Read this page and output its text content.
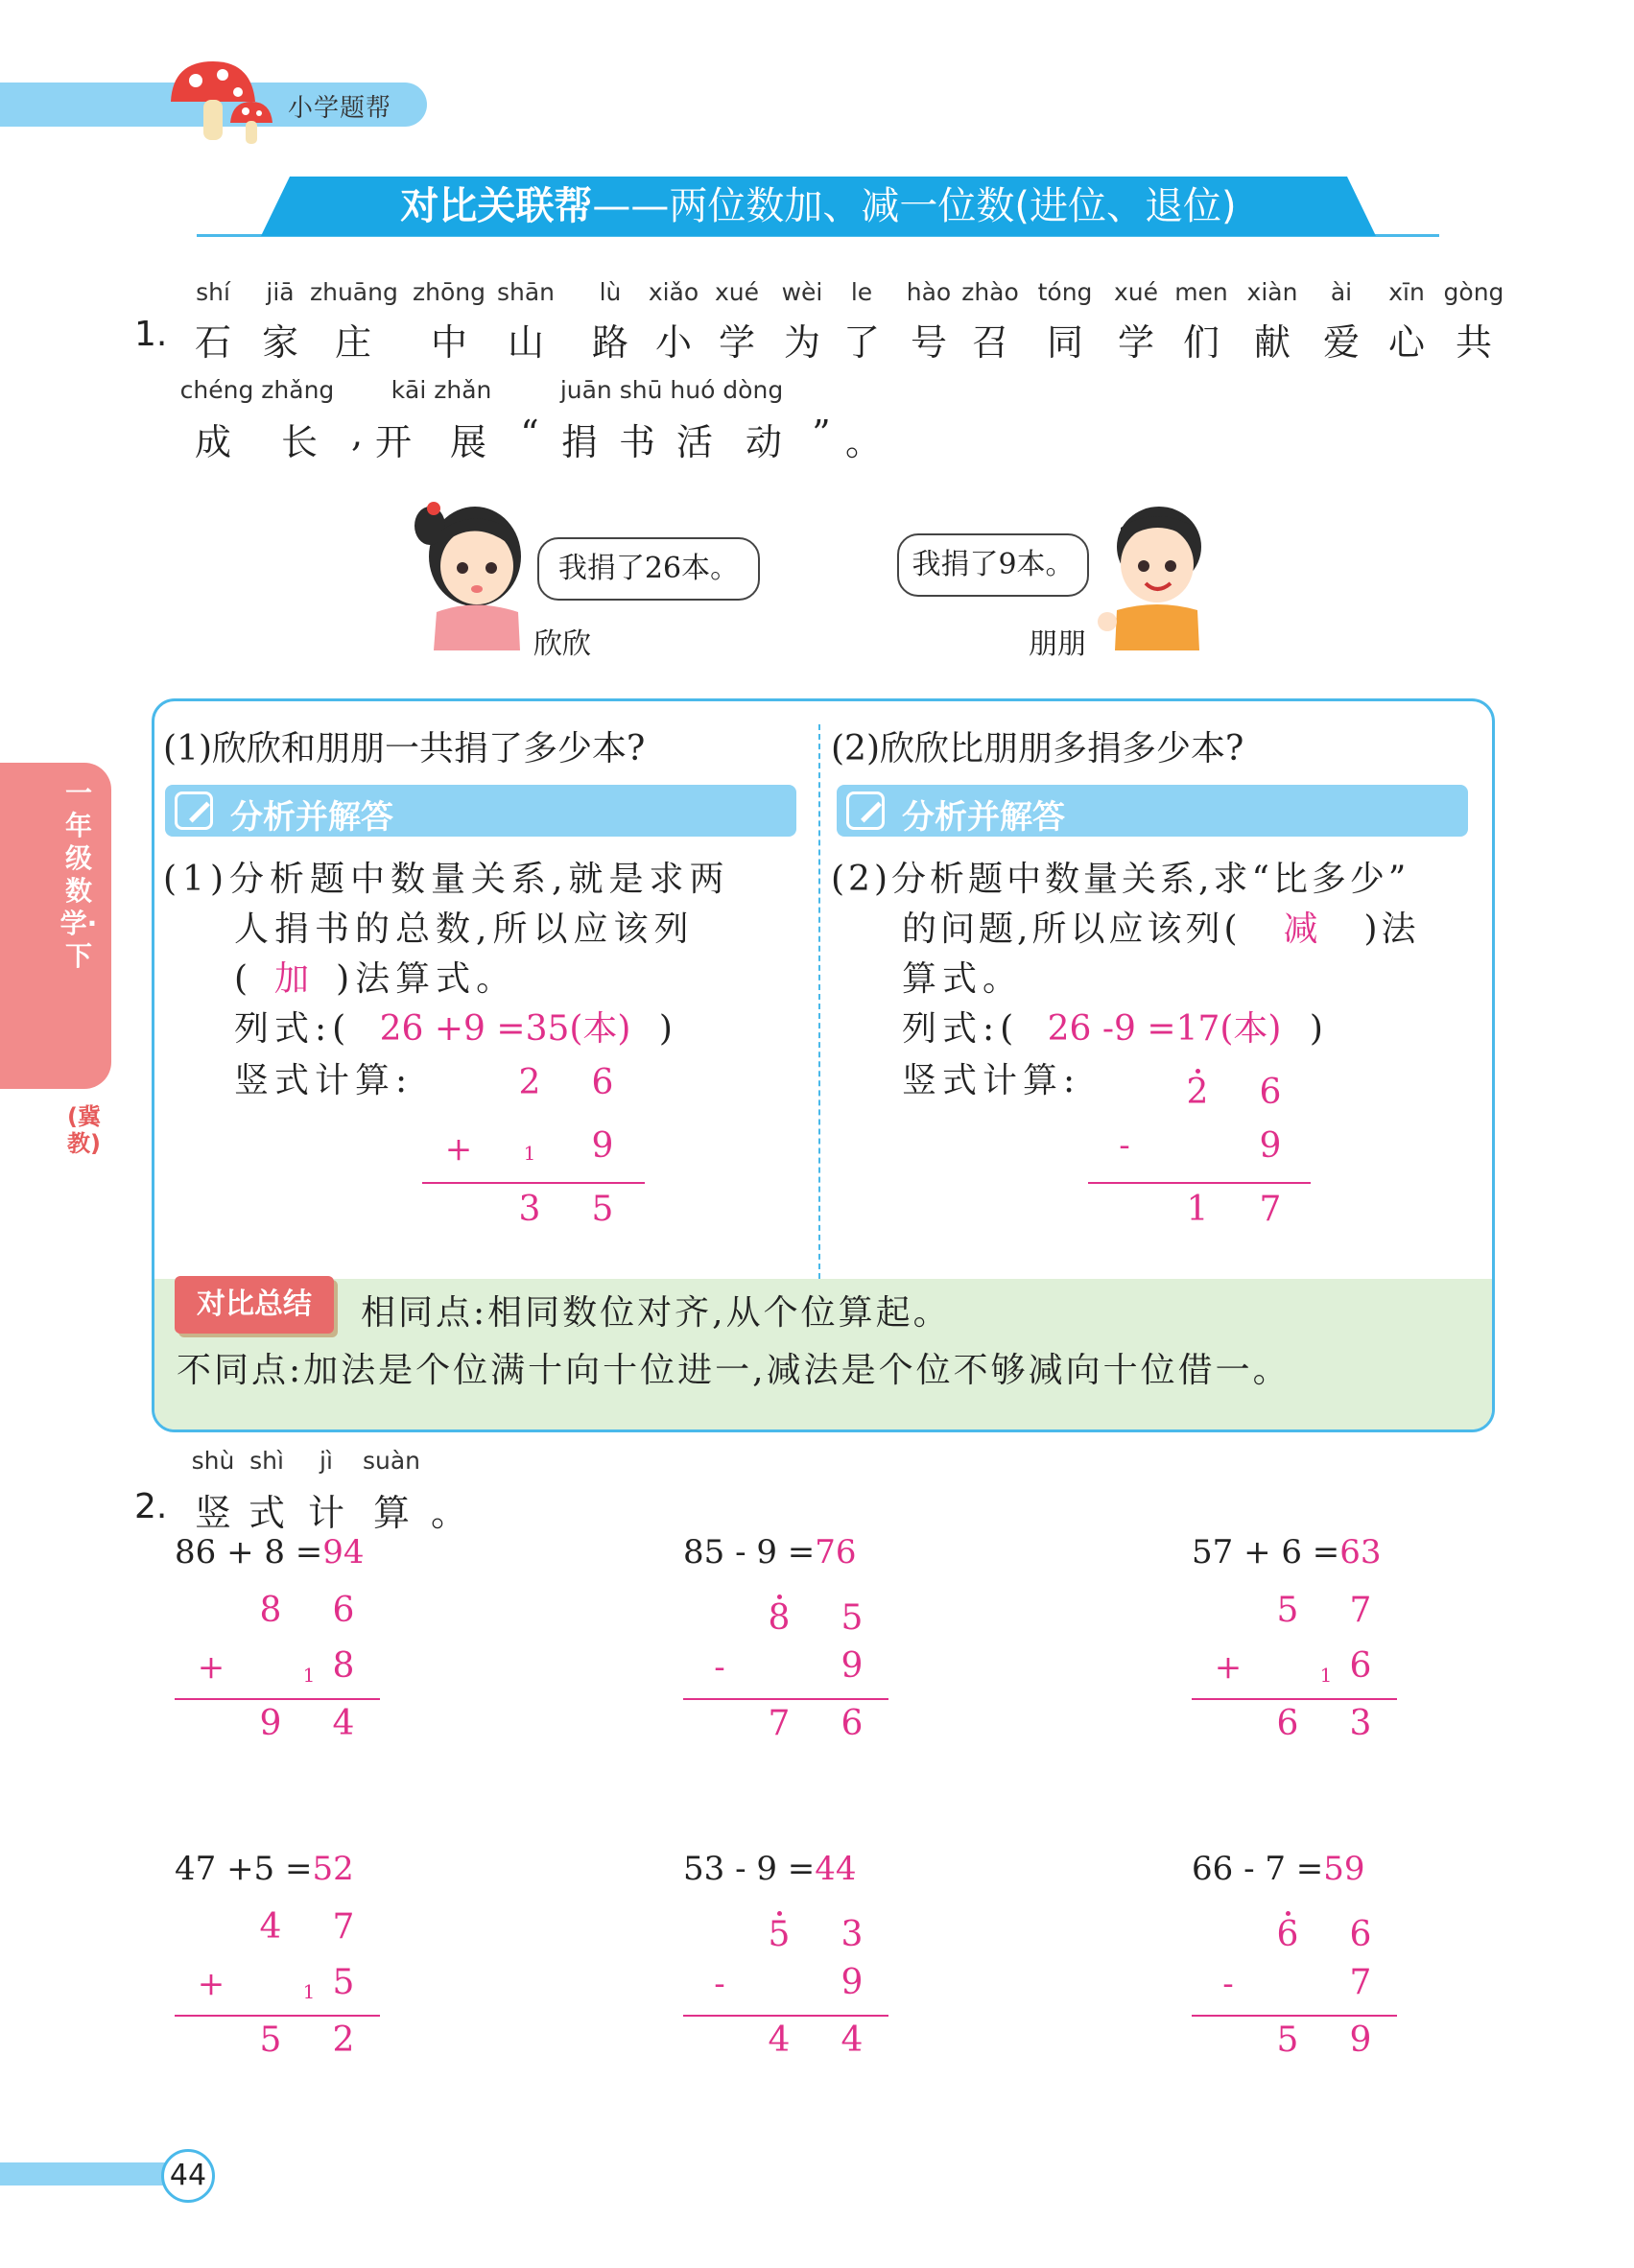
小学题帮
对比关联帮——两位数加、减一位数(进位、退位)
一年级数学·下
(冀教)
1.
shí
石
jiā
家
zhuāng
庄
zhōng
中
shān
山
lù
路
xiǎo
小
xué
学
wèi
为
le
了
hào
号
zhào
召
tóng
同
xué
学
men
们
xiàn
献
ài
爱
xīn
心
gòng
共
chéng zhǎng	kāi zhǎn	juān shū huó dòng
成 长 , 开 展 “ 捐 书 活 动 ” 。
我捐了26本。
欣欣
我捐了9本。
朋朋
(1)欣欣和朋朋一共捐了多少本?
分析并解答
(1)分析题中数量关系,就是求两
人捐书的总数,所以应该列
( 加 )法算式。
列式:( 26 +9 =35(本) )
竖式计算:	2 6
+	1 9
3 5
(2)欣欣比朋朋多捐多少本?
分析并解答
(2)分析题中数量关系,求“比多少”
的问题,所以应该列( 减 )法
算式。
列式:( 26 -9 =17(本) )
竖式计算:	2 6
-	9
1 7
对比总结	相同点:相同数位对齐,从个位算起。
不同点:加法是个位满十向十位进一,减法是个位不够减向十位借一。
2.
shù shì	jì	suàn
竖 式 计 算 。
86 + 8 =94
8 6
+	1 8
9 4
85 - 9 =76
8 5
-	9
7 6
57 + 6 =63
5 7
+	1 6
6 3
47 +5 =52
4 7
+	1 5
5 2
53 - 9 =44
5 3
-	9
4 4
66 - 7 =59
6 6
-	7
5 9
44
